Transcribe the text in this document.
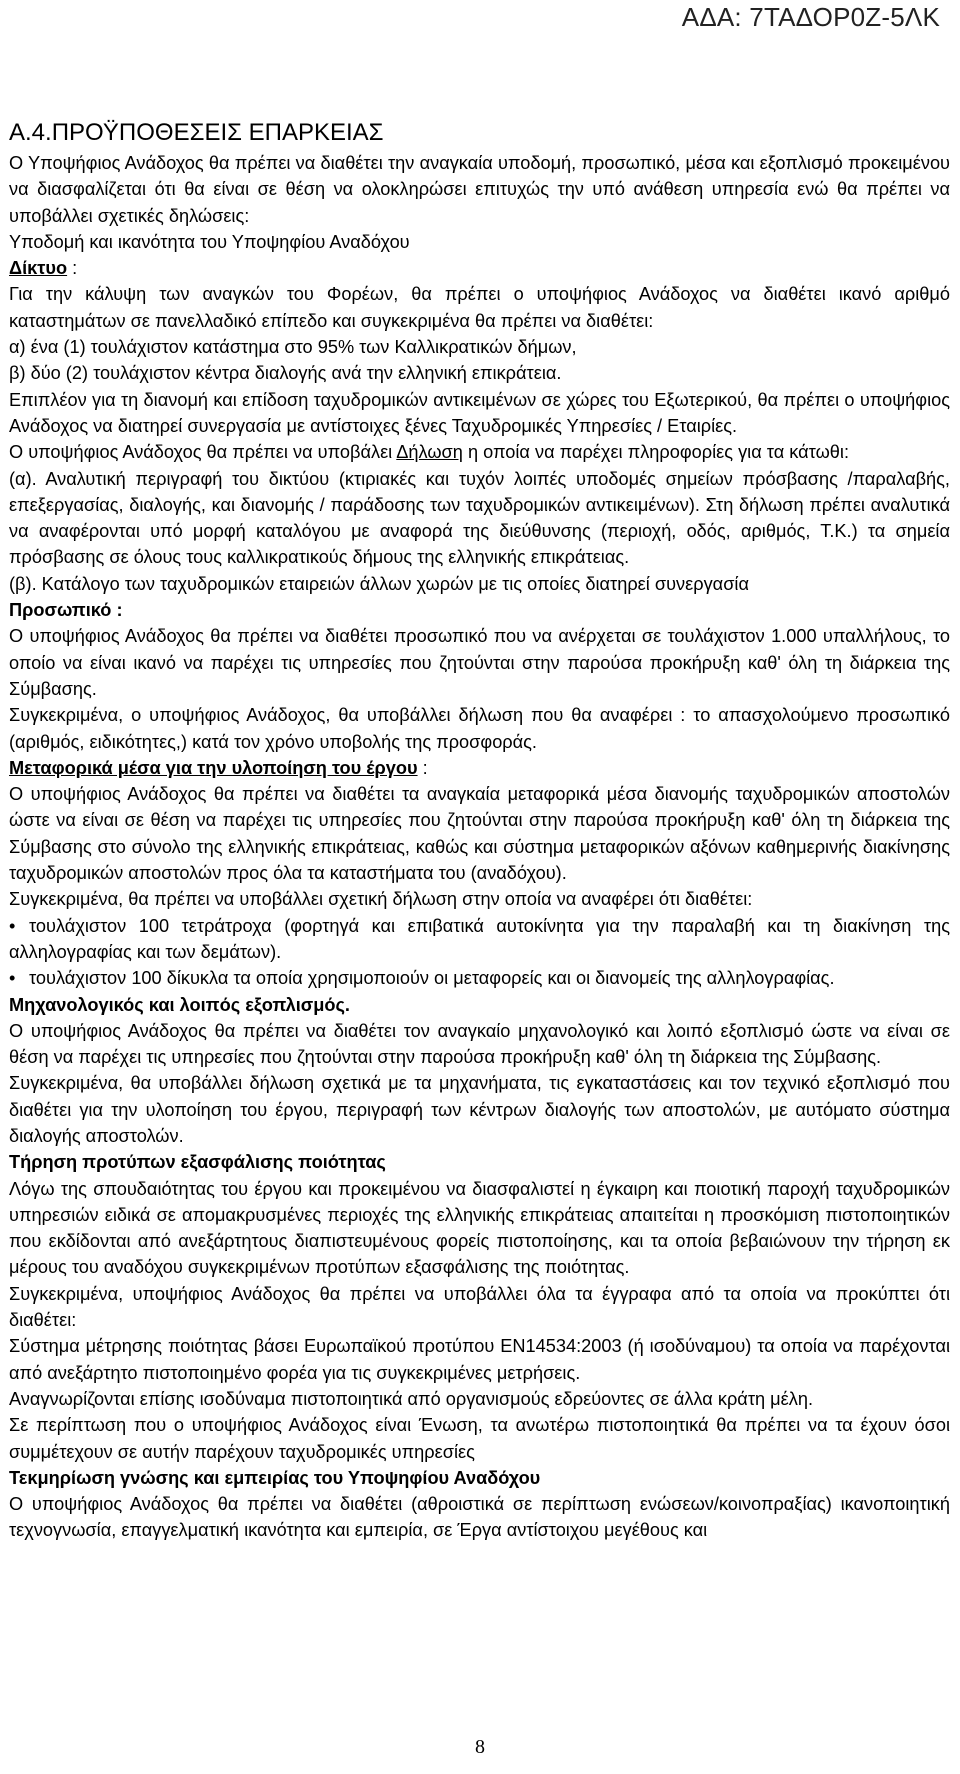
ΑΔΑ: 7ΤΑΔΟΡ0Ζ-5ΛΚ

Α.4.ΠΡΟΫΠΟΘΕΣΕΙΣ ΕΠΑΡΚΕΙΑΣ

Ο Υποψήφιος Ανάδοχος θα πρέπει να διαθέτει την αναγκαία υποδομή, προσωπικό, μέσα και εξοπλισμό προκειμένου να διασφαλίζεται ότι θα είναι σε θέση να ολοκληρώσει επιτυχώς την υπό ανάθεση υπηρεσία ενώ θα πρέπει να υποβάλλει σχετικές δηλώσεις:

Υποδομή και ικανότητα του Υποψηφίου Αναδόχου

Δίκτυο :

Για την κάλυψη των αναγκών του Φορέων, θα πρέπει ο υποψήφιος Ανάδοχος να διαθέτει ικανό αριθμό καταστημάτων σε πανελλαδικό επίπεδο και συγκεκριμένα θα πρέπει να διαθέτει:

α) ένα (1) τουλάχιστον κατάστημα στο 95% των Καλλικρατικών δήμων,

β) δύο (2) τουλάχιστον κέντρα διαλογής ανά την ελληνική επικράτεια.

Επιπλέον για τη διανομή και επίδοση ταχυδρομικών αντικειμένων σε χώρες του Εξωτερικού, θα πρέπει ο υποψήφιος Ανάδοχος να διατηρεί συνεργασία με αντίστοιχες ξένες Ταχυδρομικές Υπηρεσίες / Εταιρίες.

Ο υποψήφιος Ανάδοχος θα πρέπει να υποβάλει Δήλωση η οποία να παρέχει πληροφορίες για τα κάτωθι:

(α). Αναλυτική περιγραφή του δικτύου (κτιριακές και τυχόν λοιπές υποδομές σημείων πρόσβασης /παραλαβής, επεξεργασίας, διαλογής, και διανομής / παράδοσης των ταχυδρομικών αντικειμένων). Στη δήλωση πρέπει αναλυτικά να αναφέρονται υπό μορφή καταλόγου με αναφορά της διεύθυνσης (περιοχή, οδός, αριθμός, Τ.Κ.) τα σημεία πρόσβασης σε όλους τους καλλικρατικούς δήμους της ελληνικής επικράτειας.

(β). Κατάλογο των ταχυδρομικών εταιρειών άλλων χωρών με τις οποίες διατηρεί συνεργασία

Προσωπικό :

Ο υποψήφιος Ανάδοχος θα πρέπει να διαθέτει προσωπικό που να ανέρχεται σε τουλάχιστον 1.000 υπαλλήλους, το οποίο να είναι ικανό να παρέχει τις υπηρεσίες που ζητούνται στην παρούσα προκήρυξη καθ' όλη τη διάρκεια της Σύμβασης.

Συγκεκριμένα, ο υποψήφιος Ανάδοχος, θα υποβάλλει δήλωση που θα αναφέρει : το απασχολούμενο προσωπικό (αριθμός, ειδικότητες,) κατά τον χρόνο υποβολής της προσφοράς.

Μεταφορικά μέσα για την υλοποίηση του έργου :

Ο υποψήφιος Ανάδοχος θα πρέπει να διαθέτει τα αναγκαία μεταφορικά μέσα διανομής ταχυδρομικών αποστολών ώστε να είναι σε θέση να παρέχει τις υπηρεσίες που ζητούνται στην παρούσα προκήρυξη καθ' όλη τη διάρκεια της Σύμβασης στο σύνολο της ελληνικής επικράτειας, καθώς και σύστημα μεταφορικών αξόνων καθημερινής διακίνησης ταχυδρομικών αποστολών προς όλα τα καταστήματα του (αναδόχου).

Συγκεκριμένα, θα πρέπει να υποβάλλει σχετική δήλωση στην οποία να αναφέρει ότι διαθέτει:

• τουλάχιστον 100 τετράτροχα (φορτηγά και επιβατικά αυτοκίνητα για την παραλαβή και τη διακίνηση της αλληλογραφίας και των δεμάτων).

• τουλάχιστον 100 δίκυκλα τα οποία χρησιμοποιούν οι μεταφορείς και οι διανομείς της αλληλογραφίας.

Μηχανολογικός και λοιπός εξοπλισμός.

Ο υποψήφιος Ανάδοχος θα πρέπει να διαθέτει τον αναγκαίο μηχανολογικό και λοιπό εξοπλισμό ώστε να είναι σε θέση να παρέχει τις υπηρεσίες που ζητούνται στην παρούσα προκήρυξη καθ' όλη τη διάρκεια της Σύμβασης.

Συγκεκριμένα, θα υποβάλλει δήλωση σχετικά με τα μηχανήματα, τις εγκαταστάσεις και τον τεχνικό εξοπλισμό που διαθέτει για την υλοποίηση του έργου, περιγραφή των κέντρων διαλογής των αποστολών, με αυτόματο σύστημα διαλογής αποστολών.

Τήρηση προτύπων εξασφάλισης ποιότητας

Λόγω της σπουδαιότητας του έργου και προκειμένου να διασφαλιστεί η έγκαιρη και ποιοτική παροχή ταχυδρομικών υπηρεσιών ειδικά σε απομακρυσμένες περιοχές της ελληνικής επικράτειας απαιτείται η προσκόμιση πιστοποιητικών που εκδίδονται από ανεξάρτητους διαπιστευμένους φορείς πιστοποίησης, και τα οποία βεβαιώνουν την τήρηση εκ μέρους του αναδόχου συγκεκριμένων προτύπων εξασφάλισης της ποιότητας.

Συγκεκριμένα, υποψήφιος Ανάδοχος θα πρέπει να υποβάλλει όλα τα έγγραφα από τα οποία να προκύπτει ότι διαθέτει:

Σύστημα μέτρησης ποιότητας βάσει Ευρωπαϊκού προτύπου ΕΝ14534:2003 (ή ισοδύναμου) τα οποία να παρέχονται από ανεξάρτητο πιστοποιημένο φορέα για τις συγκεκριμένες μετρήσεις.

Αναγνωρίζονται επίσης ισοδύναμα πιστοποιητικά από οργανισμούς εδρεύοντες σε άλλα κράτη μέλη.

Σε περίπτωση που ο υποψήφιος Ανάδοχος είναι Ένωση, τα ανωτέρω πιστοποιητικά θα πρέπει να τα έχουν όσοι συμμέτεχουν σε αυτήν παρέχουν ταχυδρομικές υπηρεσίες

Τεκμηρίωση γνώσης και εμπειρίας του Υποψηφίου Αναδόχου

Ο υποψήφιος Ανάδοχος θα πρέπει να διαθέτει (αθροιστικά σε περίπτωση ενώσεων/κοινοπραξίας) ικανοποιητική τεχνογνωσία, επαγγελματική ικανότητα και εμπειρία, σε Έργα αντίστοιχου μεγέθους και

8
